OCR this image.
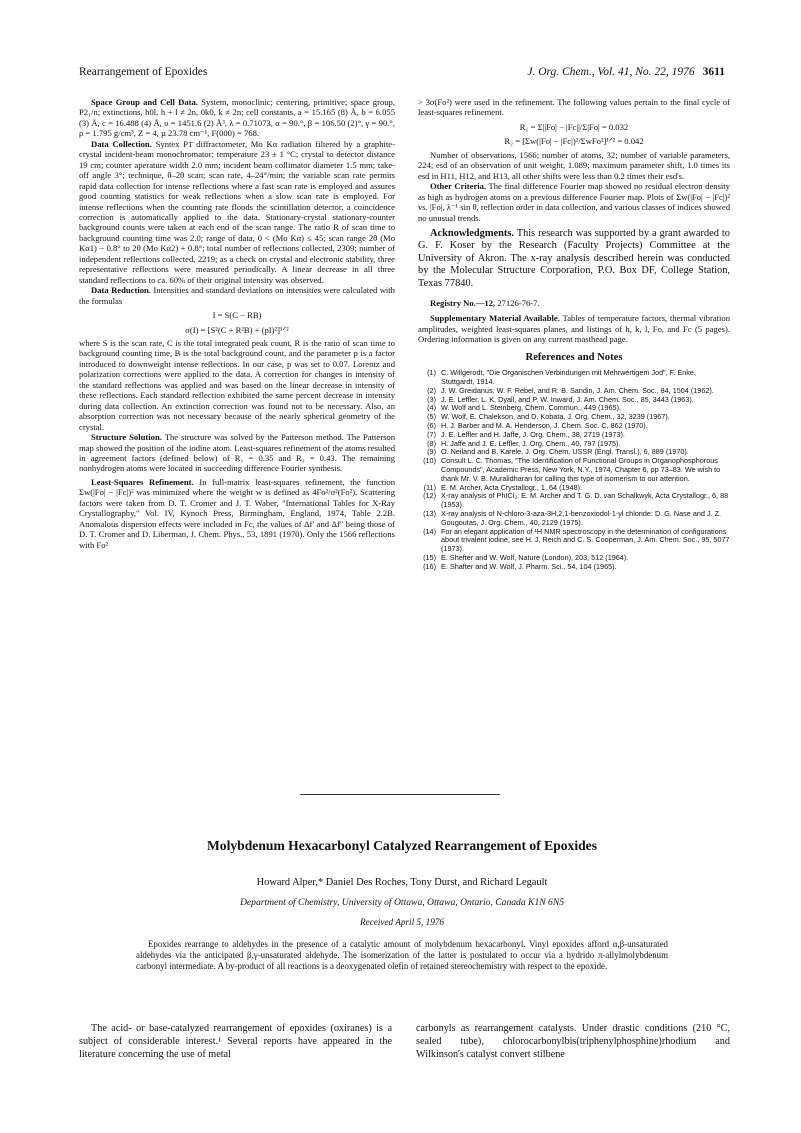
Rearrangement of Epoxides	J. Org. Chem., Vol. 41, No. 22, 1976 3611

Space Group and Cell Data. System, monoclinic; centering, primitive; space group, P2₁/n; extinctions, h0l, h + l ≠ 2n, 0k0, k ≠ 2n; cell constants, a = 15.165 (8) Å, b = 6.055 (3) Å, c = 16.488 (4) Å, υ = 1451.6 (2) Å³, λ = 0.71073, α = 90.°, β = 106.50 (2)°, γ = 90.°, ρ = 1.795 g/cm³, Z = 4, µ 23.78 cm⁻¹, F(000) = 768.

Data Collection. Syntex P1̄ diffractometer, Mo Kα radiation filtered by a graphite-crystal incident-beam monochromator; temperature 23 ± 1 °C; crystal to detector distance 19 cm; counter aperature width 2.0 mm; incident beam collimator diameter 1.5 mm; take-off angle 3°; technique, θ–2θ scan; scan rate, 4–24°/min; the variable scan rate permits rapid data collection for intense reflections where a fast scan rate is employed and assures good counting statistics for weak reflections when a slow scan rate is employed. For intense reflections when the counting rate floods the scintillation detector, a coincidence correction is automatically applied to the data. Stationary-crystal stationary-counter background counts were taken at each end of the scan range. The ratio R of scan time to background counting time was 2.0; range of data, 0 < (Mo Kα) ≤ 45; scan range 2θ (Mo Kα1) − 0.8° to 2θ (Mo Kα2) + 0.8°; total number of reflections collected, 2309; number of independent reflections collected, 2219; as a check on crystal and electronic stability, three representative reflections were measured periodically. A linear decrease in all three standard reflections to ca. 60% of their original intensity was observed.

Data Reduction. Intensities and standard deviations on intensities were calculated with the formulas

I = S(C − RB)
σ(I) = [S²(C + R²B) + (pI)²]¹ᐟ²

where S is the scan rate, C is the total integrated peak count, R is the ratio of scan time to background counting time, B is the total background count, and the parameter p is a factor introduced to downweight intense reflections. In our case, p was set to 0.07. Lorentz and polarization corrections were applied to the data. A correction for changes in intensity of the standard reflections was applied and was based on the linear decrease in intensity of these reflections. Each standard reflection exhibited the same percent decrease in intensity during data collection. An extinction correction was found not to be necessary. Also, an absorption correction was not necessary because of the nearly spherical geometry of the crystal.

Structure Solution. The structure was solved by the Patterson method. The Patterson map showed the position of the iodine atom. Least-squares refinement of the atoms resulted in agreement factors (defined below) of R₁ = 0.35 and R₂ = 0.43. The remaining nonhydrogen atoms were located in succeeding difference Fourier synthesis.

Least-Squares Refinement. In full-matrix least-squares refinement, the function Σw(|Fo| − |Fc|)² was minimized where the weight w is defined as 4Fo²/σ²(Fo²). Scattering factors were taken from D. T. Cromer and J. T. Waber, "International Tables for X-Ray Crystallography," Vol. IV, Kynoch Press, Birmingham, England, 1974, Table 2.2B. Anomalous dispersion effects were included in Fc, the values of Δf′ and Δf″ being those of D. T. Cromer and D. Liberman, J. Chem. Phys., 53, 1891 (1970). Only the 1566 reflections with Fo²

> 3σ(Fo²) were used in the refinement. The following values pertain to the final cycle of least-squares refinement.

R₁ = Σ||Fo| − |Fc||/Σ|Fo| = 0.032
R₂ = [Σw(|Fo| − |Fc|)²/ΣwFo²]¹ᐟ² = 0.042

Number of observations, 1566; number of atoms, 32; number of variable parameters, 224; esd of an observation of unit weight, 1.089; maximum parameter shift, 1.0 times its esd in H11, H12, and H13, all other shifts were less than 0.2 times their esd's.

Other Criteria. The final difference Fourier map showed no residual electron density as high as hydrogen atoms on a previous difference Fourier map. Plots of Σw(|Fo| − |Fc|)² vs. |Fo|, λ⁻¹ sin θ, reflection order in data collection, and various classes of indices showed no unusual trends.

Acknowledgments. This research was supported by a grant awarded to G. F. Koser by the Research (Faculty Projects) Committee at the University of Akron. The x-ray analysis described herein was conducted by the Molecular Structure Corporation, P.O. Box DF, College Station, Texas 77840.

Registry No.—12, 27126-76-7.

Supplementary Material Available. Tables of temperature factors, thermal vibration amplitudes, weighted least-squares planes, and listings of h, k, l, Fo, and Fc (5 pages). Ordering information is given on any current masthead page.

References and Notes
(1) C. Willgerodt, "Die Organischen Verbindungen mit Mehrwertigem Jod", F. Enke, Stuttgardt, 1914.
(2) J. W. Greidanus, W. F. Rebel, and R. B. Sandin, J. Am. Chem. Soc., 84, 1504 (1962).
(3) J. E. Leffler, L. K. Dyall, and P. W. Inward, J. Am. Chem. Soc., 85, 3443 (1963).
(4) W. Wolf and L. Steinberg, Chem. Commun., 449 (1965).
(5) W. Wolf, E. Chalekson, and D. Kobata, J. Org. Chem., 32, 3239 (1967).
(6) H. J. Barber and M. A. Henderson, J. Chem. Soc. C, 862 (1970).
(7) J. E. Leffler and H. Jaffe, J. Org. Chem., 38, 2719 (1973).
(8) H. Jaffe and J. E. Leffler, J. Org. Chem., 40, 797 (1975).
(9) O. Neiland and B. Karele, J. Org. Chem. USSR (Engl. Transl.), 6, 889 (1970).
(10) Consult L. C. Thomas, "The Identification of Functional Groups in Organophosphorous Compounds", Academic Press, New York, N.Y., 1974, Chapter 6, pp 73–83. We wish to thank Mr. V. B. Muralidharan for calling this type of isomerism to our attention.
(11) E. M. Archer, Acta Crystallogr., 1, 64 (1948).
(12) X-ray analysis of PhICl₂: E. M. Archer and T. G. D. van Schalkwyk, Acta Crystallogr., 6, 88 (1953).
(13) X-ray analysis of N-chloro-3-aza-3H,2,1-benzoxiodol-1-yl chloride: D. G. Nase and J. Z. Gougoutas, J. Org. Chem., 40, 2129 (1975).
(14) For an elegant application of ¹H NMR spectroscopy in the determination of configurations about trivalent iodine, see H. J. Reich and C. S. Cooperman, J. Am. Chem. Soc., 95, 5077 (1973).
(15) E. Shefter and W. Wolf, Nature (London), 203, 512 (1964).
(16) E. Shafter and W. Wolf, J. Pharm. Sci., 54, 104 (1965).
Molybdenum Hexacarbonyl Catalyzed Rearrangement of Epoxides
Howard Alper,* Daniel Des Roches, Tony Durst, and Richard Legault
Department of Chemistry, University of Ottawa, Ottawa, Ontario, Canada K1N 6N5
Received April 5, 1976

Epoxides rearrange to aldehydes in the presence of a catalytic amount of molybdenum hexacarbonyl. Vinyl epoxides afford α,β-unsaturated aldehydes via the anticipated β,γ-unsaturated aldehyde. The isomerization of the latter is postulated to occur via a hydrido π-allylmolybdenum carbonyl intermediate. A by-product of all reactions is a deoxygenated olefin of retained stereochemistry with respect to the epoxide.

The acid- or base-catalyzed rearrangement of epoxides (oxiranes) is a subject of considerable interest.¹ Several reports have appeared in the literature concerning the use of metal

carbonyls as rearrangement catalysts. Under drastic conditions (210 °C, sealed tube), chlorocarbonylbis(triphenylphosphine)rhodium and Wilkinson's catalyst convert stilbene
